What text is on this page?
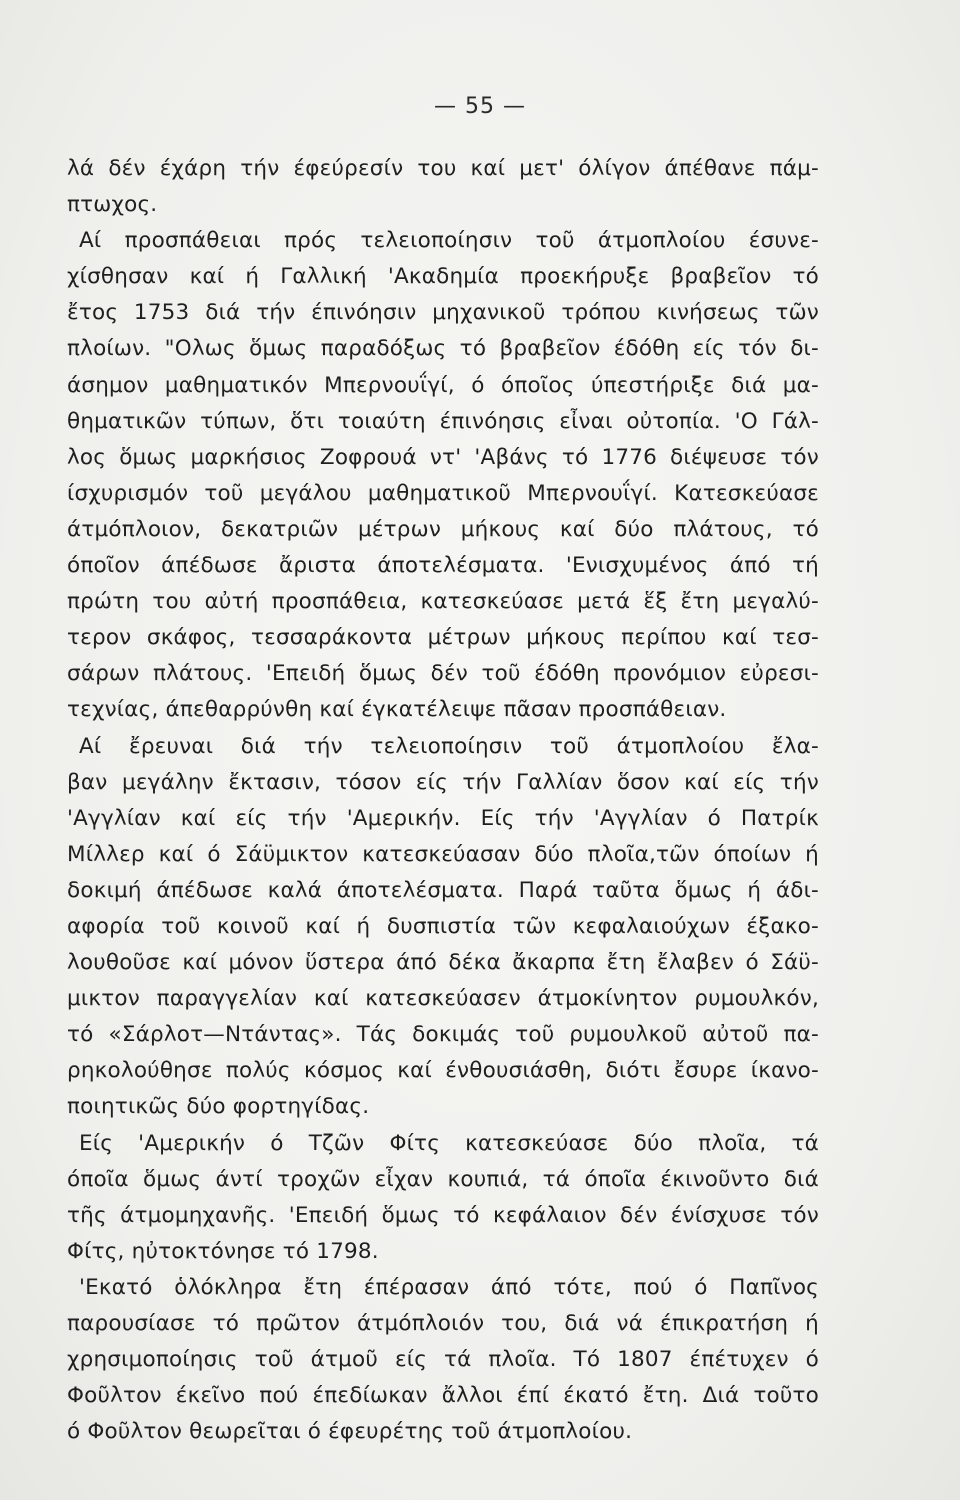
— 55 —
λά δέν έχάρη τήν έφεύρεσίν του καί μετ' όλίγον άπέθανε πάμ-
πτωχος.
Αί προσπάθειαι πρός τελειοποίησιν τοῦ άτμοπλοίου έσυνε-
χίσθησαν καί ή Γαλλική 'Ακαδημία προεκήρυξε βραβεῖον τό
ἔτος 1753 διά τήν έπινόησιν μηχανικοῦ τρόπου κινήσεως τῶν
πλοίων. "Ολως ὅμως παραδόξως τό βραβεῖον έδόθη είς τόν δι-
άσημον μαθηματικόν Μπερνουΐγί, ό όποῖος ύπεστήριξε διά μα-
θηματικῶν τύπων, ὅτι τοιαύτη έπινόησις εἶναι οὐτοπία. 'Ο Γάλ-
λος ὅμως μαρκήσιος Ζοφρουά ντ' 'Αβάνς τό 1776 διέψευσε τόν
ίσχυρισμόν τοῦ μεγάλου μαθηματικοῦ Μπερνουΐγί. Κατεσκεύασε
άτμόπλοιον, δεκατριῶν μέτρων μήκους καί δύο πλάτους, τό
όποῖον άπέδωσε ἄριστα άποτελέσματα. 'Ενισχυμένος άπό τή
πρώτη του αὐτή προσπάθεια, κατεσκεύασε μετά ἕξ ἔτη μεγαλύ-
τερον σκάφος, τεσσαράκοντα μέτρων μήκους περίπου καί τεσ-
σάρων πλάτους. 'Επειδή ὅμως δέν τοῦ έδόθη προνόμιον εὐρεσι-
τεχνίας, άπεθαρρύνθη καί έγκατέλειψε πᾶσαν προσπάθειαν.
Αί ἔρευναι διά τήν τελειοποίησιν τοῦ άτμοπλοίου ἔλα-
βαν μεγάλην ἔκτασιν, τόσον είς τήν Γαλλίαν ὅσον καί είς τήν
'Αγγλίαν καί είς τήν 'Αμερικήν. Είς τήν 'Αγγλίαν ό Πατρίκ
Μίλλερ καί ό Σάϋμικτον κατεσκεύασαν δύο πλοῖα,τῶν όποίων ή
δοκιμή άπέδωσε καλά άποτελέσματα. Παρά ταῦτα ὅμως ή άδι-
αφορία τοῦ κοινοῦ καί ή δυσπιστία τῶν κεφαλαιούχων έξακο-
λουθοῦσε καί μόνον ὕστερα άπό δέκα ἄκαρπα ἔτη ἔλαβεν ό Σάϋ-
μικτον παραγγελίαν καί κατεσκεύασεν άτμοκίνητον ρυμουλκόν,
τό «Σάρλοτ—Ντάντας». Τάς δοκιμάς τοῦ ρυμουλκοῦ αὐτοῦ πα-
ρηκολούθησε πολύς κόσμος καί ένθουσιάσθη, διότι ἔσυρε ίκανο-
ποιητικῶς δύο φορτηγίδας.
Είς 'Αμερικήν ό Τζῶν Φίτς κατεσκεύασε δύο πλοῖα, τά
όποῖα ὅμως άντί τροχῶν εἶχαν κουπιά, τά όποῖα έκινοῦντο διά
τῆς άτμομηχανῆς. 'Επειδή ὅμως τό κεφάλαιον δέν ένίσχυσε τόν
Φίτς, ηὐτοκτόνησε τό 1798.
'Εκατό ὁλόκληρα ἔτη έπέρασαν άπό τότε, πού ό Παπῖνος
παρουσίασε τό πρῶτον άτμόπλοιόν του, διά νά έπικρατήση ή
χρησιμοποίησις τοῦ άτμοῦ είς τά πλοῖα. Τό 1807 έπέτυχεν ό
Φοῦλτον έκεῖνο πού έπεδίωκαν ἄλλοι έπί έκατό ἔτη. Διά τοῦτο
ό Φοῦλτον θεωρεῖται ό έφευρέτης τοῦ άτμοπλοίου.
